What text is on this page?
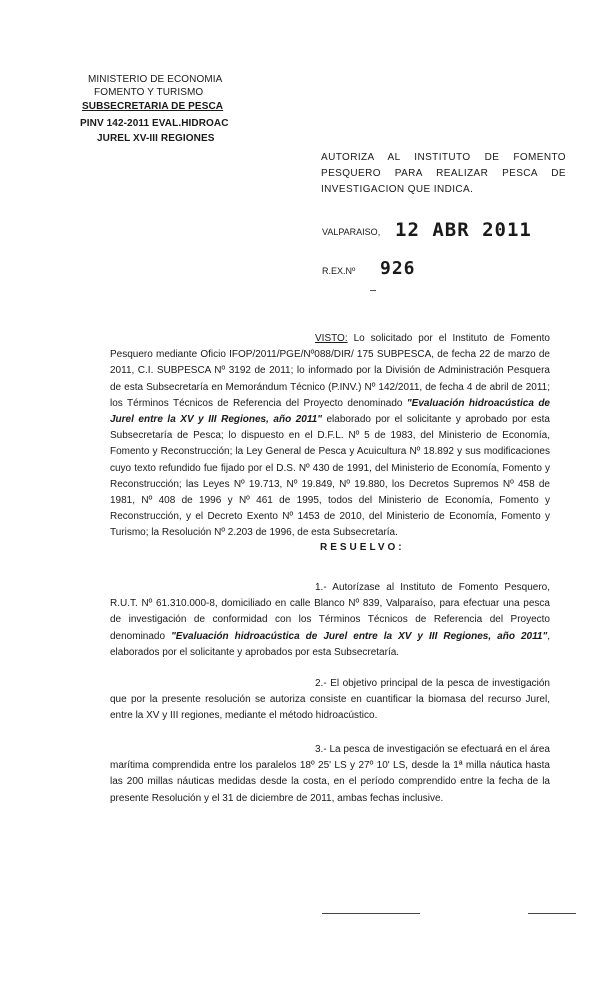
MINISTERIO DE ECONOMIA
FOMENTO Y TURISMO
SUBSECRETARIA DE PESCA
PINV 142-2011 EVAL.HIDROAC
JUREL XV-III REGIONES
AUTORIZA AL INSTITUTO DE FOMENTO PESQUERO PARA REALIZAR PESCA DE INVESTIGACION QUE INDICA.
VALPARAISO, 12 ABR 2011
R.EX.Nº 926
VISTO: Lo solicitado por el Instituto de Fomento Pesquero mediante Oficio IFOP/2011/PGE/Nº088/DIR/ 175 SUBPESCA, de fecha 22 de marzo de 2011, C.I. SUBPESCA Nº 3192 de 2011; lo informado por la División de Administración Pesquera de esta Subsecretaría en Memorándum Técnico (P.INV.) Nº 142/2011, de fecha 4 de abril de 2011; los Términos Técnicos de Referencia del Proyecto denominado "Evaluación hidroacústica de Jurel entre la XV y III Regiones, año 2011" elaborado por el solicitante y aprobado por esta Subsecretaría de Pesca; lo dispuesto en el D.F.L. Nº 5 de 1983, del Ministerio de Economía, Fomento y Reconstrucción; la Ley General de Pesca y Acuicultura Nº 18.892 y sus modificaciones cuyo texto refundido fue fijado por el D.S. Nº 430 de 1991, del Ministerio de Economía, Fomento y Reconstrucción; las Leyes Nº 19.713, Nº 19.849, Nº 19.880, los Decretos Supremos Nº 458 de 1981, Nº 408 de 1996 y Nº 461 de 1995, todos del Ministerio de Economía, Fomento y Reconstrucción, y el Decreto Exento Nº 1453 de 2010, del Ministerio de Economía, Fomento y Turismo; la Resolución Nº 2.203 de 1996, de esta Subsecretaría.
RESUELVO:
1.- Autorízase al Instituto de Fomento Pesquero, R.U.T. Nº 61.310.000-8, domiciliado en calle Blanco Nº 839, Valparaíso, para efectuar una pesca de investigación de conformidad con los Términos Técnicos de Referencia del Proyecto denominado "Evaluación hidroacústica de Jurel entre la XV y III Regiones, año 2011", elaborados por el solicitante y aprobados por esta Subsecretaría.
2.- El objetivo principal de la pesca de investigación que por la presente resolución se autoriza consiste en cuantificar la biomasa del recurso Jurel, entre la XV y III regiones, mediante el método hidroacústico.
3.- La pesca de investigación se efectuará en el área marítima comprendida entre los paralelos 18º 25' LS y 27º 10' LS, desde la 1ª milla náutica hasta las 200 millas náuticas medidas desde la costa, en el período comprendido entre la fecha de la presente Resolución y el 31 de diciembre de 2011, ambas fechas inclusive.
